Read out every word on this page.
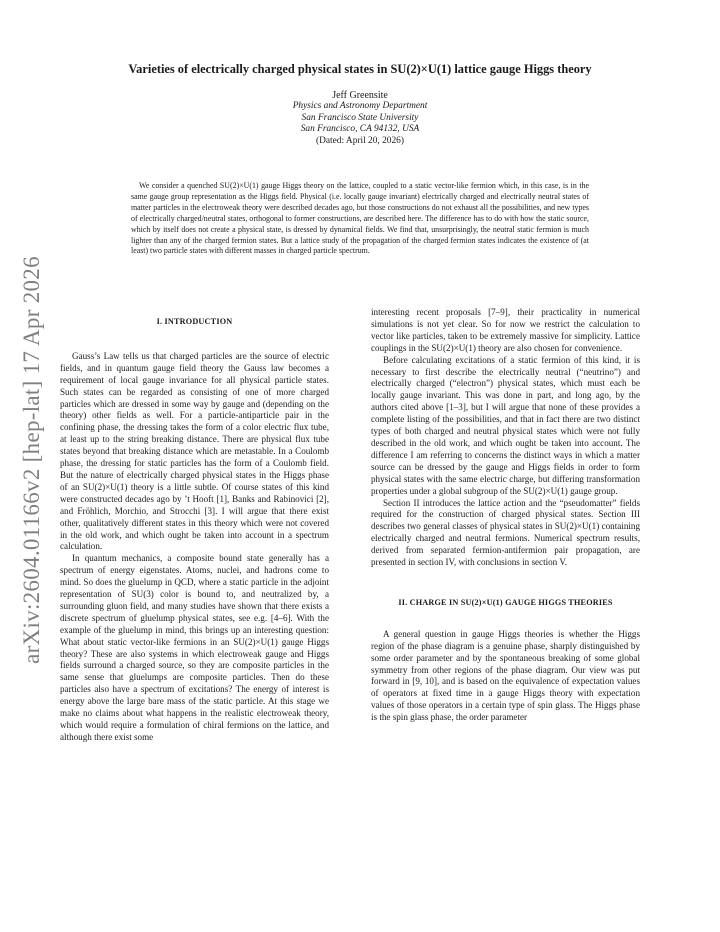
arXiv:2604.01166v2 [hep-lat] 17 Apr 2026
Varieties of electrically charged physical states in SU(2)×U(1) lattice gauge Higgs theory
Jeff Greensite
Physics and Astronomy Department
San Francisco State University
San Francisco, CA 94132, USA
(Dated: April 20, 2026)
We consider a quenched SU(2)×U(1) gauge Higgs theory on the lattice, coupled to a static vector-like fermion which, in this case, is in the same gauge group representation as the Higgs field. Physical (i.e. locally gauge invariant) electrically charged and electrically neutral states of matter particles in the electroweak theory were described decades ago, but those constructions do not exhaust all the possibilities, and new types of electrically charged/neutral states, orthogonal to former constructions, are described here. The difference has to do with how the static source, which by itself does not create a physical state, is dressed by dynamical fields. We find that, unsurprisingly, the neutral static fermion is much lighter than any of the charged fermion states. But a lattice study of the propagation of the charged fermion states indicates the existence of (at least) two particle states with different masses in charged particle spectrum.

I. INTRODUCTION

Gauss’s Law tells us that charged particles are the source of electric fields, and in quantum gauge field theory the Gauss law becomes a requirement of local gauge invariance for all physical particle states. Such states can be regarded as consisting of one of more charged particles which are dressed in some way by gauge and (depending on the theory) other fields as well. For a particle-antiparticle pair in the confining phase, the dressing takes the form of a color electric flux tube, at least up to the string breaking distance. There are physical flux tube states beyond that breaking distance which are metastable. In a Coulomb phase, the dressing for static particles has the form of a Coulomb field. But the nature of electrically charged physical states in the Higgs phase of an SU(2)×U(1) theory is a little subtle. Of course states of this kind were constructed decades ago by ’t Hooft [1], Banks and Rabinovici [2], and Fröhlich, Morchio, and Strocchi [3]. I will argue that there exist other, qualitatively different states in this theory which were not covered in the old work, and which ought be taken into account in a spectrum calculation.

In quantum mechanics, a composite bound state generally has a spectrum of energy eigenstates. Atoms, nuclei, and hadrons come to mind. So does the gluelump in QCD, where a static particle in the adjoint representation of SU(3) color is bound to, and neutralized by, a surrounding gluon field, and many studies have shown that there exists a discrete spectrum of gluelump physical states, see e.g. [4–6]. With the example of the gluelump in mind, this brings up an interesting question: What about static vector-like fermions in an SU(2)×U(1) gauge Higgs theory? These are also systems in which electroweak gauge and Higgs fields surround a charged source, so they are composite particles in the same sense that gluelumps are composite particles. Then do these particles also have a spectrum of excitations? The energy of interest is energy above the large bare mass of the static particle. At this stage we make no claims about what happens in the realistic electroweak theory, which would require a formulation of chiral fermions on the lattice, and although there exist some

interesting recent proposals [7–9], their practicality in numerical simulations is not yet clear. So for now we restrict the calculation to vector like particles, taken to be extremely massive for simplicity. Lattice couplings in the SU(2)×U(1) theory are also chosen for convenience.

Before calculating excitations of a static fermion of this kind, it is necessary to first describe the electrically neutral (“neutrino”) and electrically charged (“electron”) physical states, which must each be locally gauge invariant. This was done in part, and long ago, by the authors cited above [1–3], but I will argue that none of these provides a complete listing of the possibilities, and that in fact there are two distinct types of both charged and neutral physical states which were not fully described in the old work, and which ought be taken into account. The difference I am referring to concerns the distinct ways in which a matter source can be dressed by the gauge and Higgs fields in order to form physical states with the same electric charge, but differing transformation properties under a global subgroup of the SU(2)×U(1) gauge group.

Section II introduces the lattice action and the “pseudomatter” fields required for the construction of charged physical states. Section III describes two general classes of physical states in SU(2)×U(1) containing electrically charged and neutral fermions. Numerical spectrum results, derived from separated fermion-antifermion pair propagation, are presented in section IV, with conclusions in section V.

II. CHARGE IN SU(2)×U(1) GAUGE HIGGS THEORIES

A general question in gauge Higgs theories is whether the Higgs region of the phase diagram is a genuine phase, sharply distinguished by some order parameter and by the spontaneous breaking of some global symmetry from other regions of the phase diagram. Our view was put forward in [9, 10], and is based on the equivalence of expectation values of operators at fixed time in a gauge Higgs theory with expectation values of those operators in a certain type of spin glass. The Higgs phase is the spin glass phase, the order parameter
